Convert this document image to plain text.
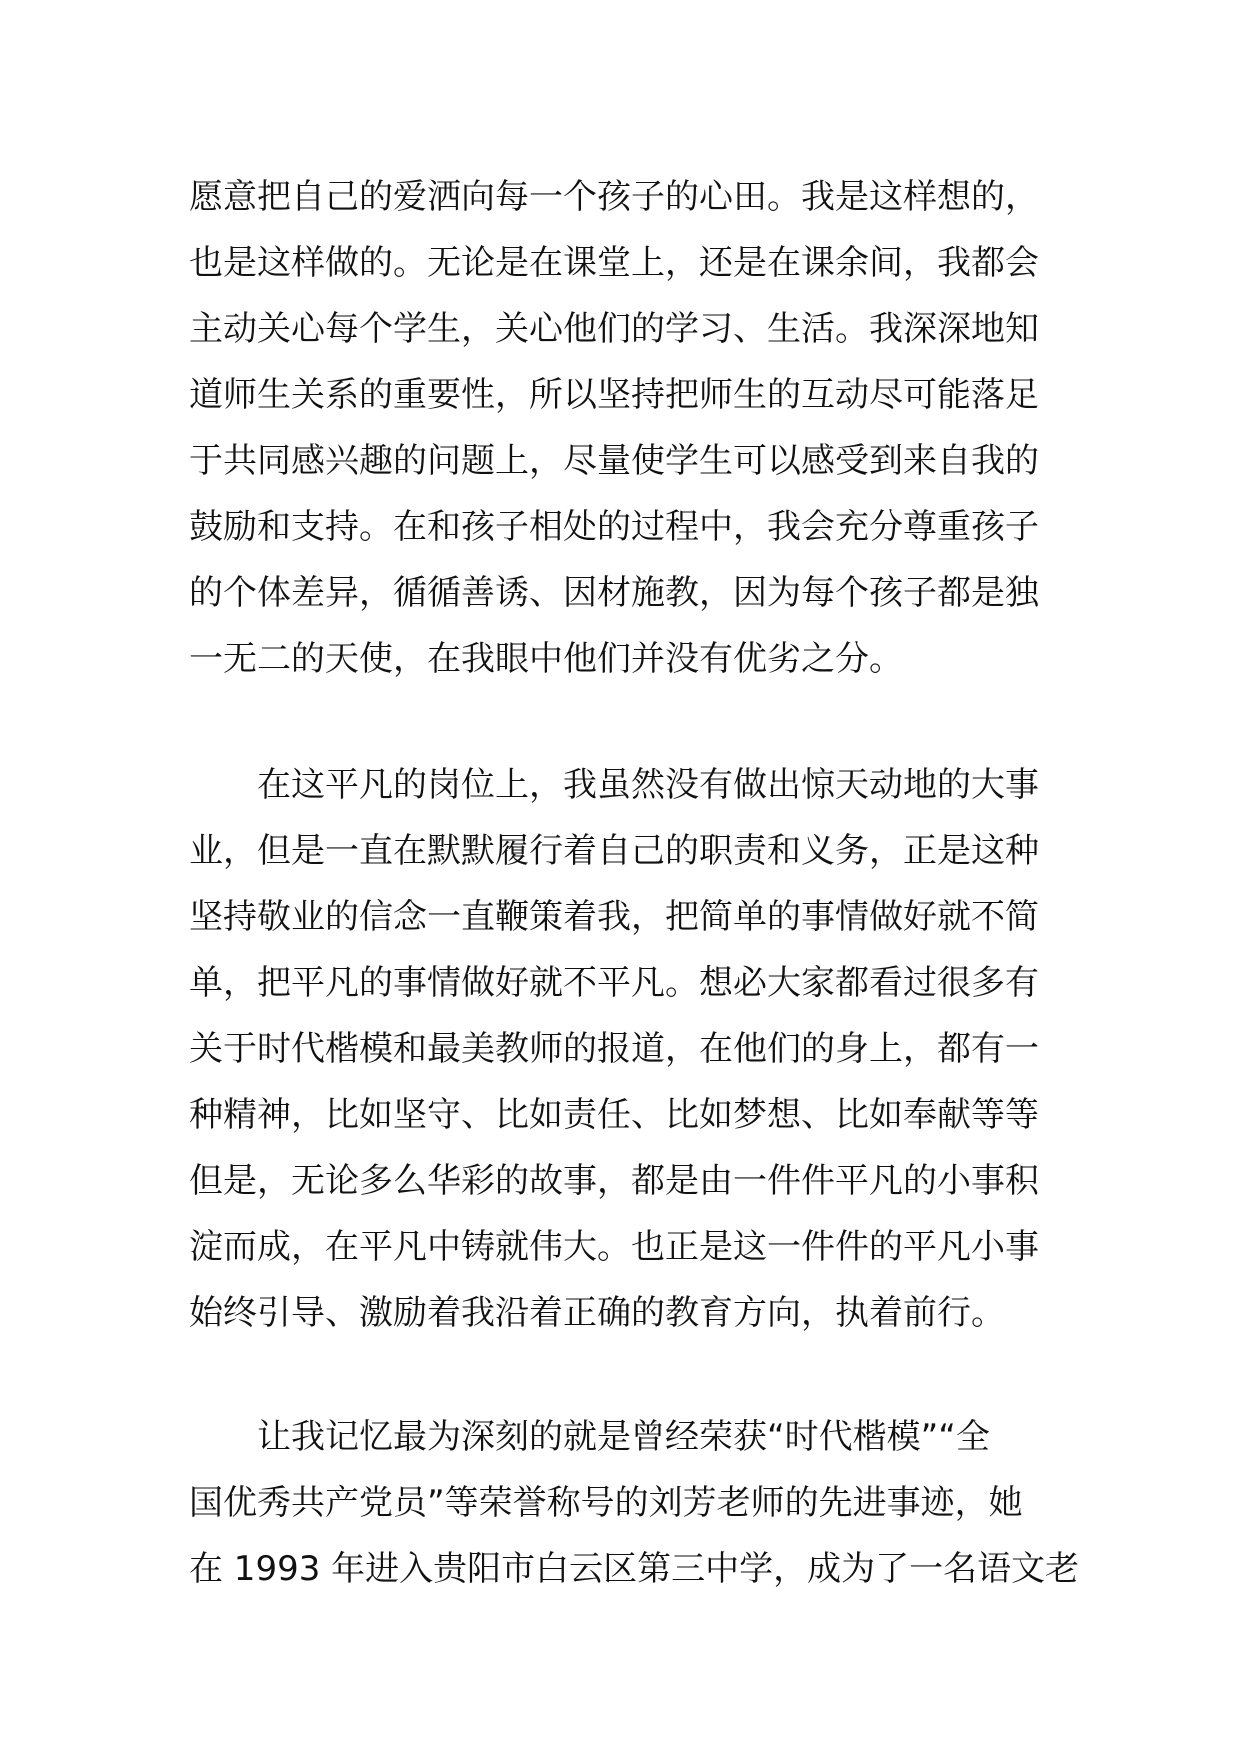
愿意把自己的爱洒向每一个孩子的心田。我是这样想的，
也是这样做的。无论是在课堂上，还是在课余间，我都会
主动关心每个学生，关心他们的学习、生活。我深深地知
道师生关系的重要性，所以坚持把师生的互动尽可能落足
于共同感兴趣的问题上，尽量使学生可以感受到来自我的
鼓励和支持。在和孩子相处的过程中，我会充分尊重孩子
的个体差异，循循善诱、因材施教，因为每个孩子都是独
一无二的天使，在我眼中他们并没有优劣之分。
在这平凡的岗位上，我虽然没有做出惊天动地的大事
业，但是一直在默默履行着自己的职责和义务，正是这种
坚持敬业的信念一直鞭策着我，把简单的事情做好就不简
单，把平凡的事情做好就不平凡。想必大家都看过很多有
关于时代楷模和最美教师的报道，在他们的身上，都有一
种精神，比如坚守、比如责任、比如梦想、比如奉献等等
但是，无论多么华彩的故事，都是由一件件平凡的小事积
淀而成，在平凡中铸就伟大。也正是这一件件的平凡小事
始终引导、激励着我沿着正确的教育方向，执着前行。
让我记忆最为深刻的就是曾经荣获“时代楷模”“全
国优秀共产党员”等荣誉称号的刘芳老师的先进事迹，她
在 1993 年进入贵阳市白云区第三中学，成为了一名语文老
